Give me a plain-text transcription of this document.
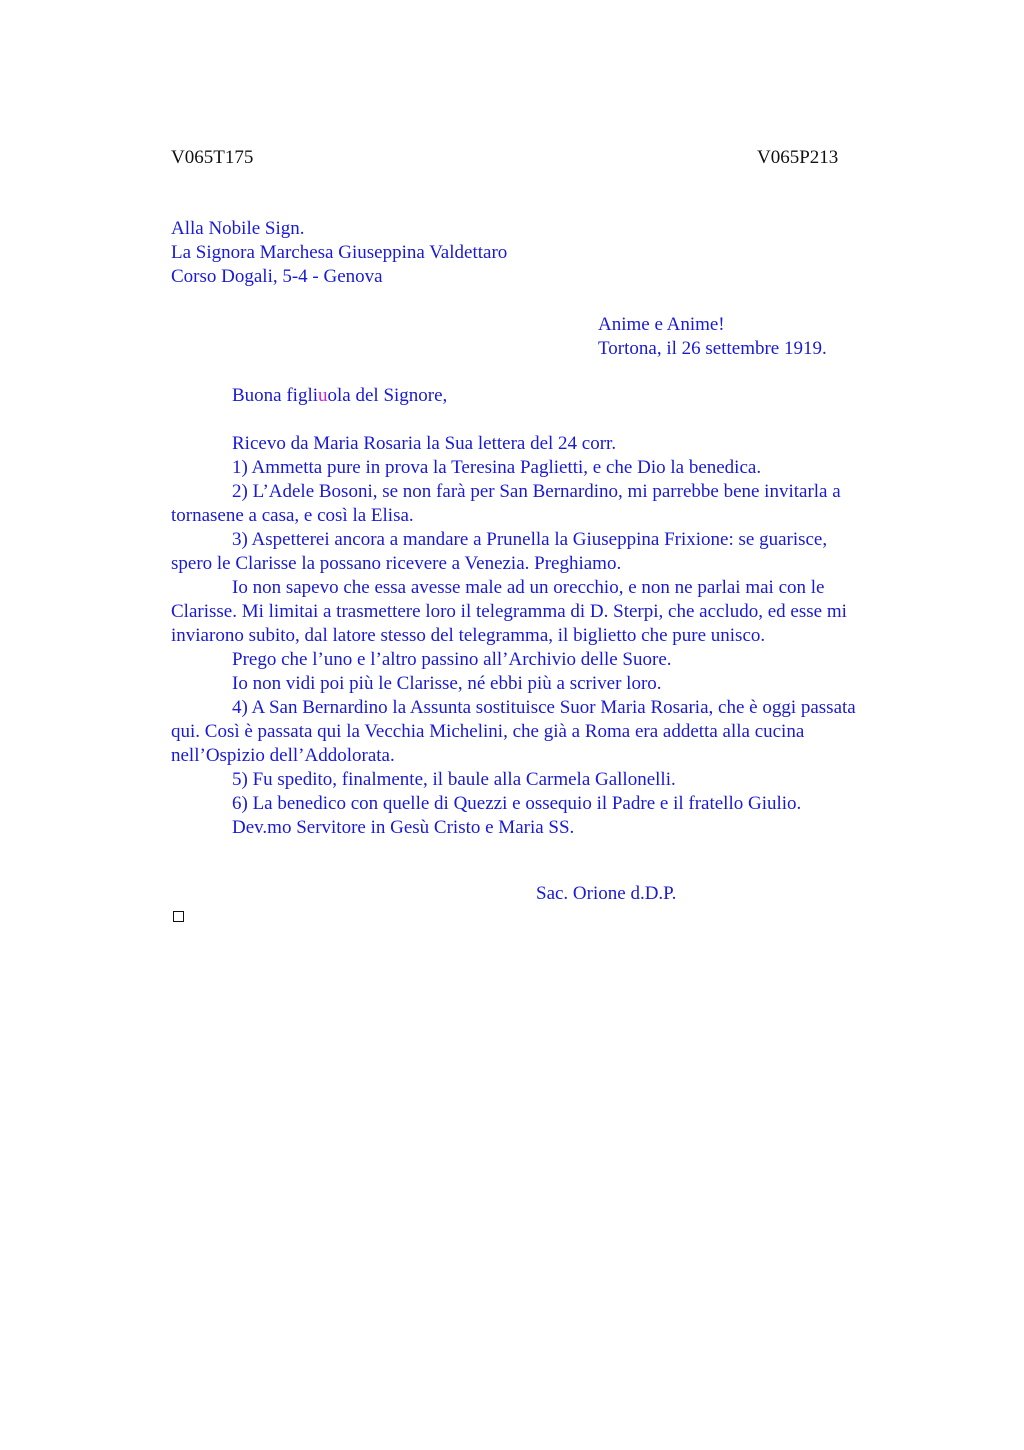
V065T175	V065P213
Alla Nobile Sign.
La Signora Marchesa Giuseppina Valdettaro
Corso Dogali, 5-4 - Genova
Anime e Anime!
Tortona, il 26 settembre 1919.
Buona figliuola del Signore,
Ricevo da Maria Rosaria la Sua lettera del 24 corr.
1) Ammetta pure in prova la Teresina Paglietti, e che Dio la benedica.
2) L’Adele Bosoni, se non farà per San Bernardino, mi parrebbe bene invitarla a
tornasene a casa, e così la Elisa.
3) Aspetterei ancora a mandare a Prunella la Giuseppina Frixione: se guarisce,
spero le Clarisse la possano ricevere a Venezia. Preghiamo.
Io non sapevo che essa avesse male ad un orecchio, e non ne parlai mai con le
Clarisse. Mi limitai a trasmettere loro il telegramma di D. Sterpi, che accludo, ed esse mi
inviarono subito, dal latore stesso del telegramma, il biglietto che pure unisco.
Prego che l’uno e l’altro passino all’Archivio delle Suore.
Io non vidi poi più le Clarisse, né ebbi più a scriver loro.
4) A San Bernardino la Assunta sostituisce Suor Maria Rosaria, che è oggi passata
qui. Così è passata qui la Vecchia Michelini, che già a Roma era addetta alla cucina
nell’Ospizio dell’Addolorata.
5) Fu spedito, finalmente, il baule alla Carmela Gallonelli.
6) La benedico con quelle di Quezzi e ossequio il Padre e il fratello Giulio.
Dev.mo Servitore in Gesù Cristo e Maria SS.
Sac. Orione d.D.P.
